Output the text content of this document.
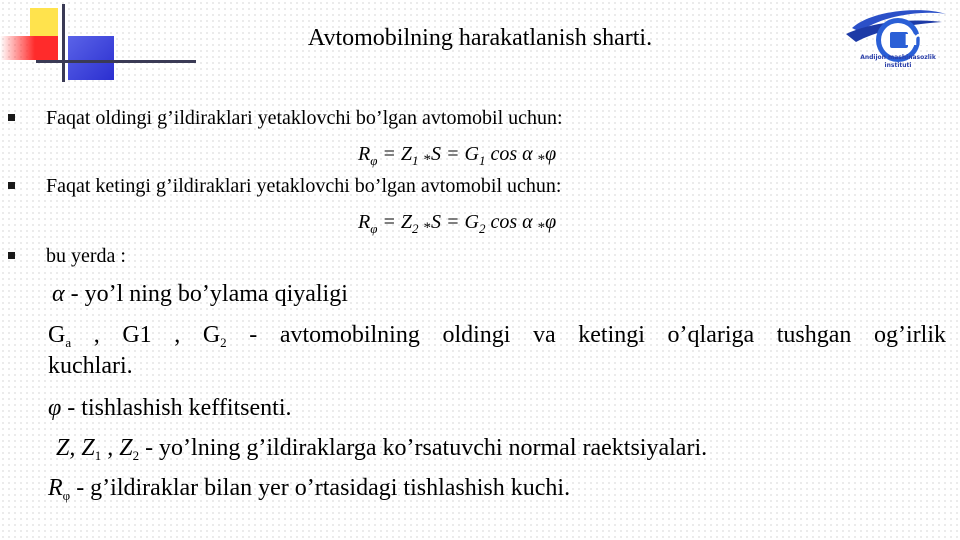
Avtomobilning harakatlanish sharti.
Andijon mashinasozlik
instituti
mi
Faqat oldingi g’ildiraklari yetaklovchi bo’lgan avtomobil uchun:
$R_\varphi = Z_1$ $_*S = G_1$ cos α $_*$φ
Faqat ketingi g’ildiraklari yetaklovchi bo’lgan avtomobil uchun:
$R_\varphi = Z_2$ $_*S = G_2$ cos α $_*$φ
bu yerda :
α - yo’l ning bo’ylama qiyaligi
$G_a$ , G1 , $G_2$ - avtomobilning oldingi va ketingi o’qlariga tushgan og’irlik
kuchlari.
φ - tishlashish keffitsenti.
Z, $Z_1$ , $Z_2$ - yo’lning g’ildiraklarga ko’rsatuvchi normal raektsiyalari.
$R_\varphi$ - g’ildiraklar bilan yer o’rtasidagi tishlashish kuchi.
